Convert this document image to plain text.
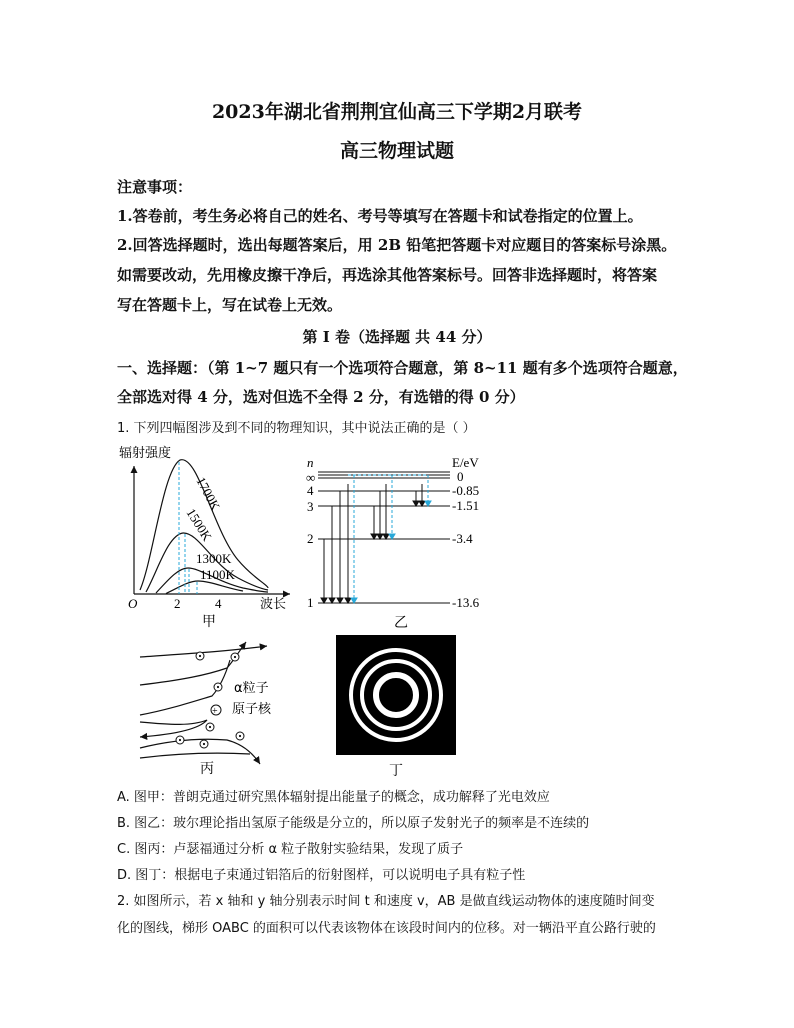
2023年湖北省荆荆宜仙高三下学期2月联考
高三物理试题
注意事项：
1.答卷前，考生务必将自己的姓名、考号等填写在答题卡和试卷指定的位置上。
2.回答选择题时，选出每题答案后，用 2B 铅笔把答题卡对应题目的答案标号涂黑。
如需要改动，先用橡皮擦干净后，再选涂其他答案标号。回答非选择题时，将答案
写在答题卡上，写在试卷上无效。
第 I 卷（选择题 共 44 分）
一、选择题：（第 1~7 题只有一个选项符合题意，第 8~11 题有多个选项符合题意，
全部选对得 4 分，选对但选不全得 2 分，有选错的得 0 分）
1. 下列四幅图涉及到不同的物理知识，其中说法正确的是（ ）
辐射强度
O	2	4	波长
1700K
1500K
1300K
1100K
甲
n	E/eV
∞
4
3
2
1
0
-0.85
-1.51
-3.4
-13.6
乙
+
α粒子
原子核
丙	丁
A. 图甲：普朗克通过研究黑体辐射提出能量子的概念，成功解释了光电效应
B. 图乙：玻尔理论指出氢原子能级是分立的，所以原子发射光子的频率是不连续的
C. 图丙：卢瑟福通过分析 α 粒子散射实验结果，发现了质子
D. 图丁：根据电子束通过铝箔后的衍射图样，可以说明电子具有粒子性
2. 如图所示，若 x 轴和 y 轴分别表示时间 t 和速度 v，AB 是做直线运动物体的速度随时间变
化的图线，梯形 OABC 的面积可以代表该物体在该段时间内的位移。对一辆沿平直公路行驶的
